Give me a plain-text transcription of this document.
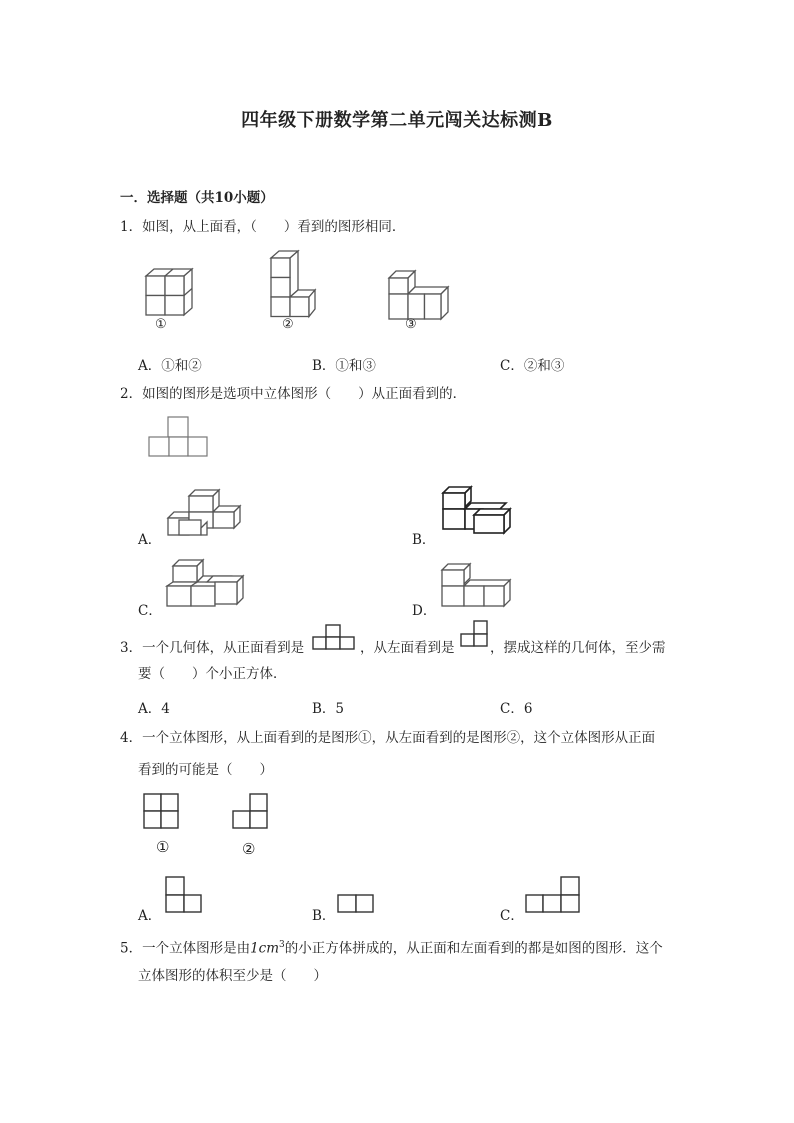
四年级下册数学第二单元闯关达标测B
一．选择题（共10小题）
1．如图，从上面看，（　　）看到的图形相同．
①	②	③
A．①和②	B．①和③	C．②和③
2．如图的图形是选项中立体图形（　　）从正面看到的．
A．	B．
C．	D．
3．一个几何体，从正面看到是	，从左面看到是	，摆成这样的几何体，至少需
要（　　）个小正方体．
A．4	B．5	C．6
4．一个立体图形，从上面看到的是图形①，从左面看到的是图形②，这个立体图形从正面
看到的可能是（　　）
①	②
A．	B．	C．
5．一个立体图形是由$1cm^3$的小正方体拼成的，从正面和左面看到的都是如图的图形．这个
立体图形的体积至少是（　　）
